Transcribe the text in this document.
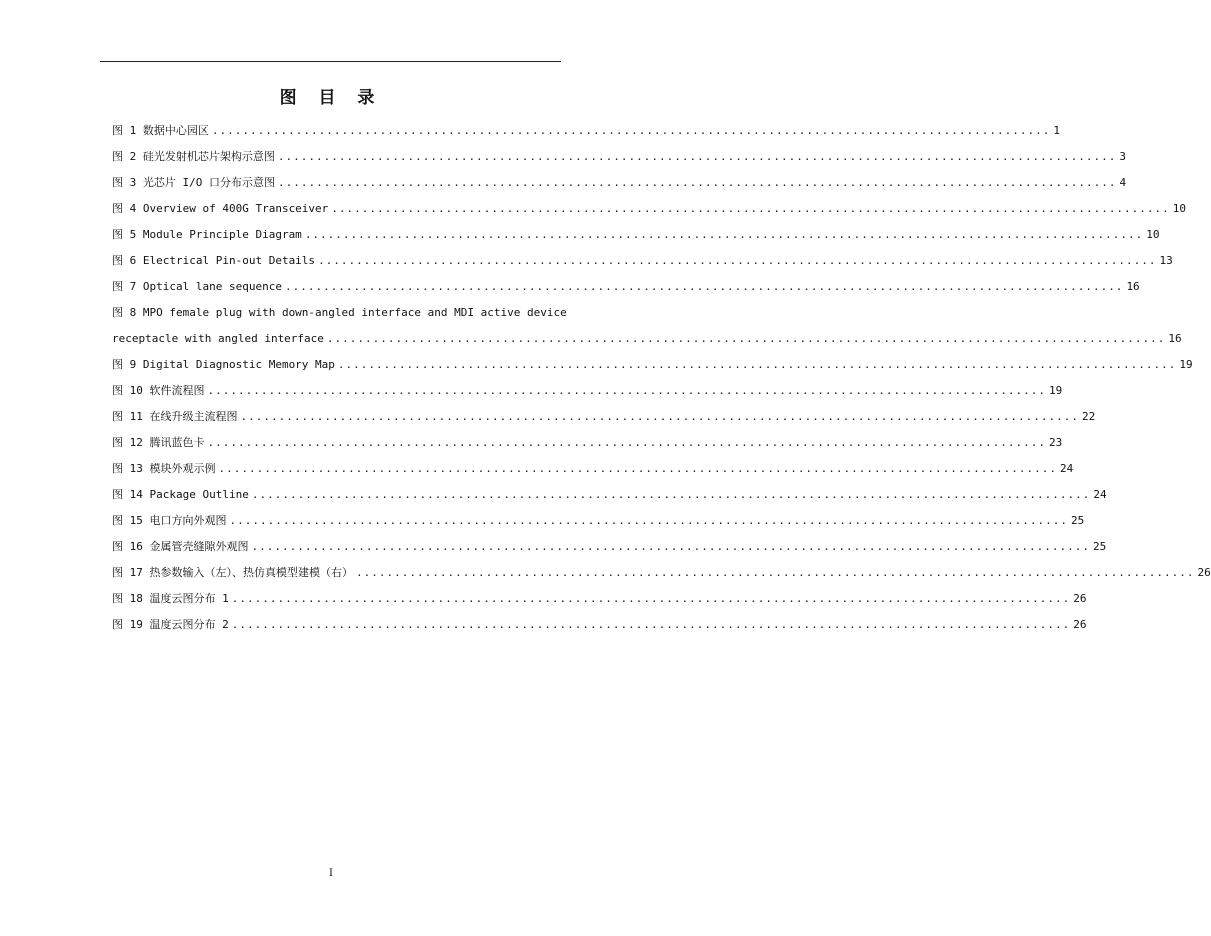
图 目 录
图 1 数据中心园区 .............................................................................................................. 1
图 2 硅光发射机芯片架构示意图 .............................................................................................................. 3
图 3 光芯片 I/O 口分布示意图 .............................................................................................................. 4
图 4 Overview of 400G Transceiver .............................................................................................................. 10
图 5 Module Principle Diagram .............................................................................................................. 10
图 6 Electrical Pin-out Details .............................................................................................................. 13
图 7 Optical lane sequence .............................................................................................................. 16
图 8 MPO female plug with down-angled interface and MDI active device
receptacle with angled interface .............................................................................................................. 16
图 9 Digital Diagnostic Memory Map .............................................................................................................. 19
图 10 软件流程图 .............................................................................................................. 19
图 11 在线升级主流程图 .............................................................................................................. 22
图 12 腾讯蓝色卡 .............................................................................................................. 23
图 13 模块外观示例 .............................................................................................................. 24
图 14 Package Outline .............................................................................................................. 24
图 15 电口方向外观图 .............................................................................................................. 25
图 16 金属管壳缝隙外观图 .............................................................................................................. 25
图 17 热参数输入（左）、热仿真模型建模（右） .............................................................................................................. 26
图 18 温度云图分布 1 .............................................................................................................. 26
图 19 温度云图分布 2 .............................................................................................................. 26
I
